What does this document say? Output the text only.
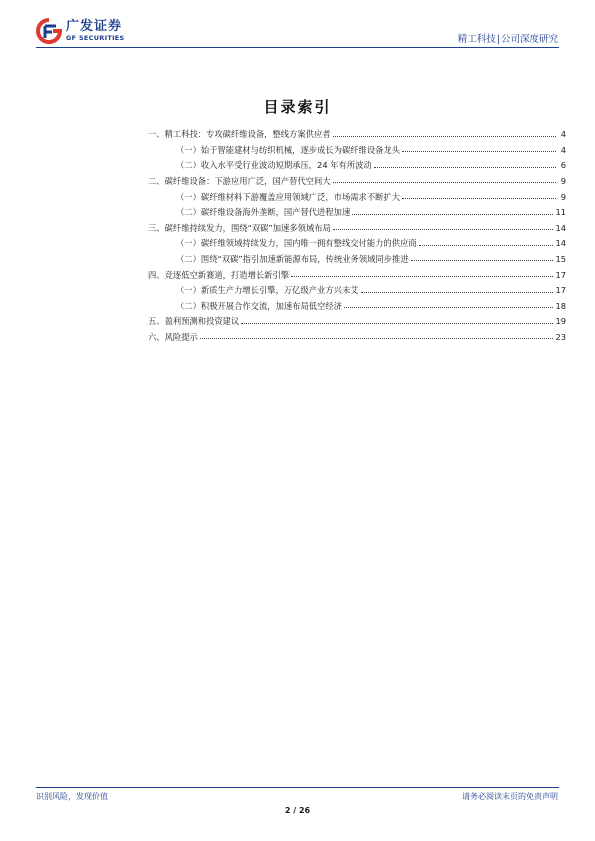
广发证券
GF SECURITIES	精工科技|公司深度研究
目录索引
一、精工科技：专攻碳纤维设备，整线方案供应者	4
（一）始于智能建材与纺织机械，逐步成长为碳纤维设备龙头	4
（二）收入水平受行业波动短期承压，24 年有所波动	6
二、碳纤维设备：下游应用广泛，国产替代空间大	9
（一）碳纤维材料下游覆盖应用领域广泛，市场需求不断扩大	9
（二）碳纤维设备海外垄断，国产替代进程加速	11
三、碳纤维持续发力，围绕“双碳”加速多领域布局	14
（一）碳纤维领域持续发力，国内唯一拥有整线交付能力的供应商	14
（二）围绕“双碳”指引加速新能源布局，传统业务领域同步推进	15
四、竞逐低空新赛道，打造增长新引擎	17
（一）新质生产力增长引擎，万亿级产业方兴未艾	17
（二）积极开展合作交流，加速布局低空经济	18
五、盈利预测和投资建议	19
六、风险提示	23
识别风险，发现价值	请务必阅读末页的免责声明
2 / 26
